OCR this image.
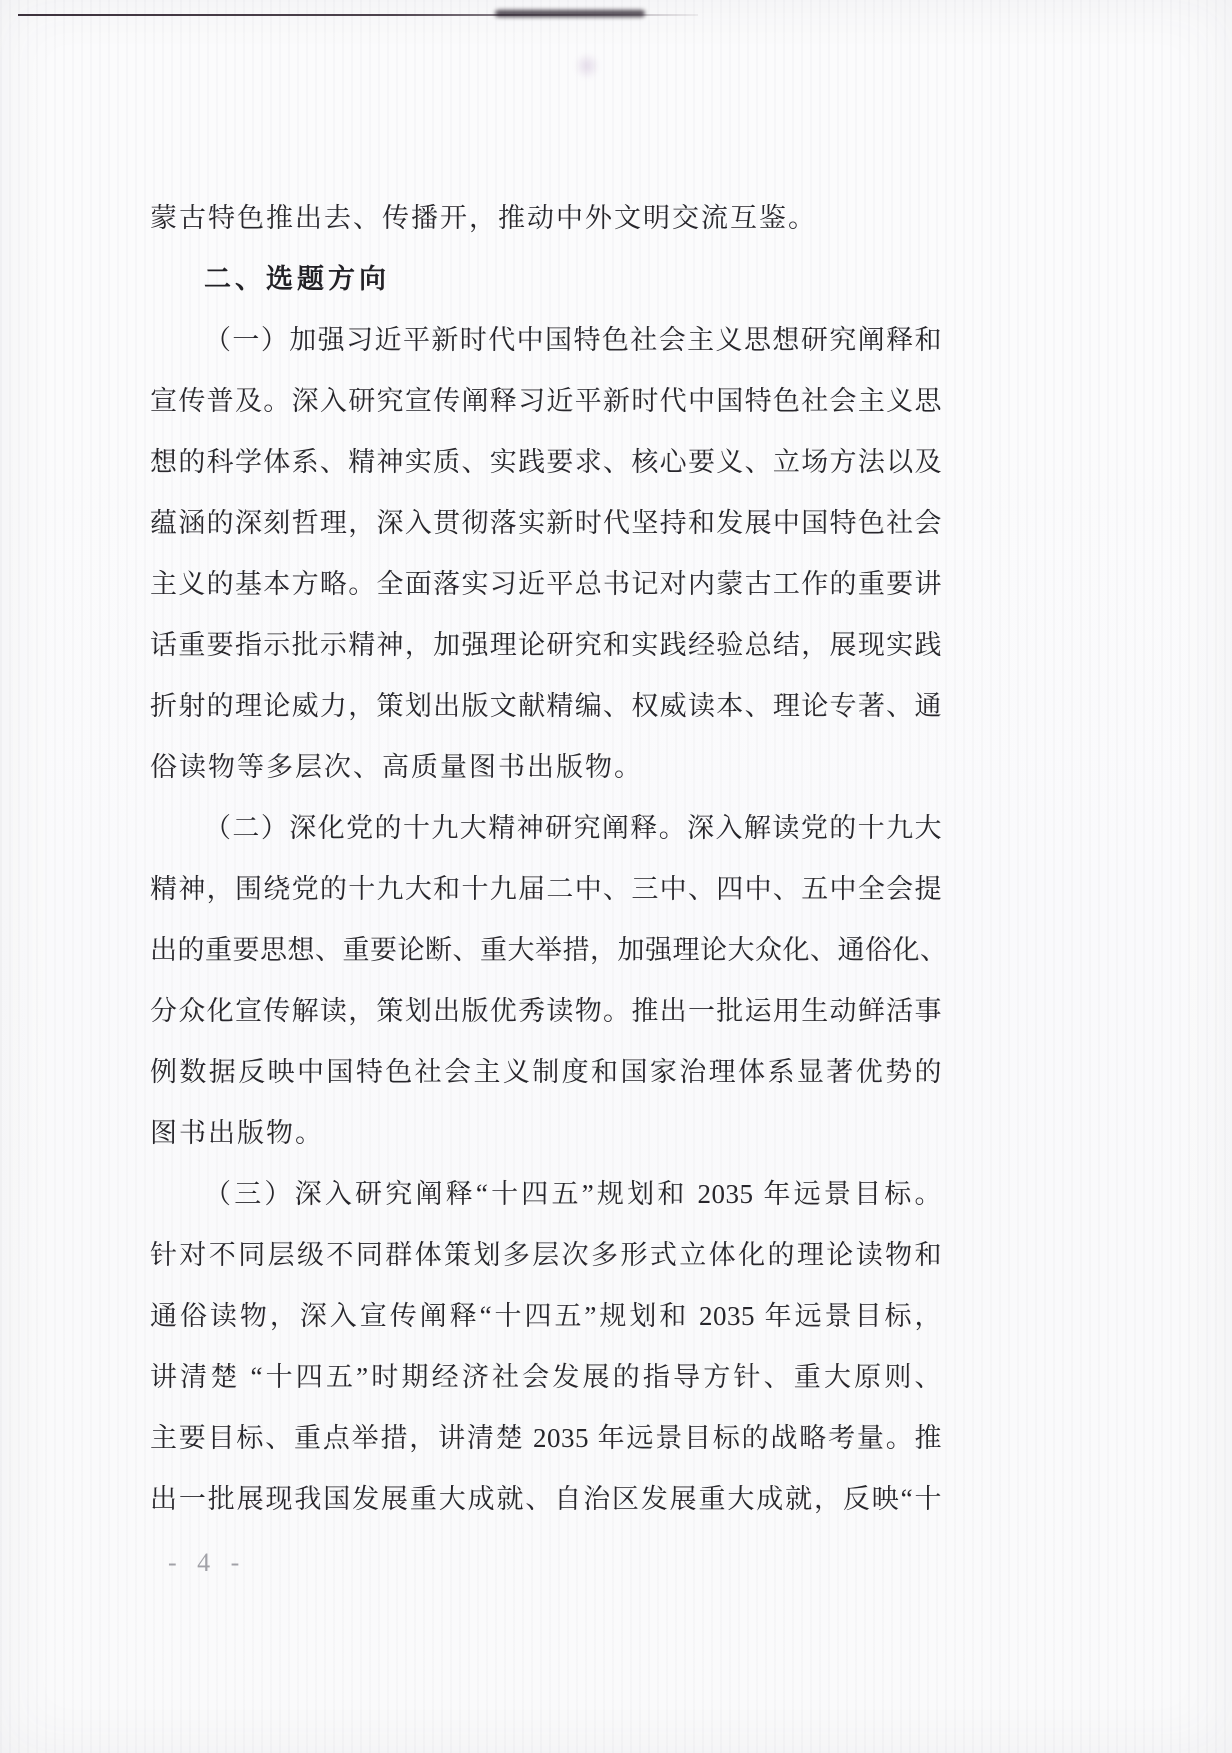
蒙古特色推出去、传播开，推动中外文明交流互鉴。
二、选题方向
（一）加强习近平新时代中国特色社会主义思想研究阐释和
宣传普及。深入研究宣传阐释习近平新时代中国特色社会主义思
想的科学体系、精神实质、实践要求、核心要义、立场方法以及
蕴涵的深刻哲理，深入贯彻落实新时代坚持和发展中国特色社会
主义的基本方略。全面落实习近平总书记对内蒙古工作的重要讲
话重要指示批示精神，加强理论研究和实践经验总结，展现实践
折射的理论威力，策划出版文献精编、权威读本、理论专著、通
俗读物等多层次、高质量图书出版物。
（二）深化党的十九大精神研究阐释。深入解读党的十九大
精神，围绕党的十九大和十九届二中、三中、四中、五中全会提
出的重要思想、重要论断、重大举措，加强理论大众化、通俗化、
分众化宣传解读，策划出版优秀读物。推出一批运用生动鲜活事
例数据反映中国特色社会主义制度和国家治理体系显著优势的
图书出版物。
（三）深入研究阐释“十四五”规划和 2035 年远景目标。
针对不同层级不同群体策划多层次多形式立体化的理论读物和
通俗读物，深入宣传阐释“十四五”规划和 2035 年远景目标，
讲清楚 “十四五”时期经济社会发展的指导方针、重大原则、
主要目标、重点举措，讲清楚 2035 年远景目标的战略考量。推
出一批展现我国发展重大成就、自治区发展重大成就，反映“十
- 4 -
